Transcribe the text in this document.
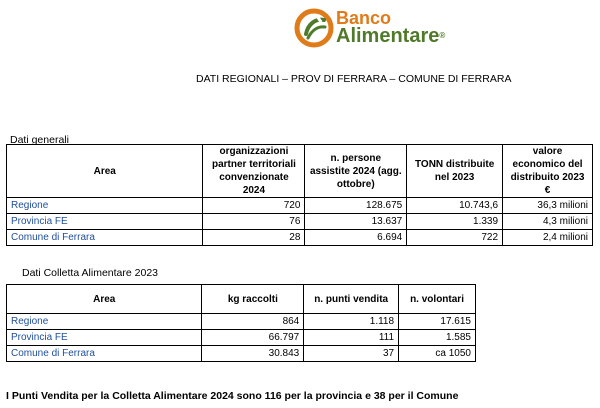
Banco
Alimentare®
DATI REGIONALI – PROV DI FERRARA – COMUNE DI FERRARA
Dati generali
Area	organizzazioni partner territoriali convenzionate 2024	n. persone assistite 2024 (agg. ottobre)	TONN distribuite nel 2023	valore economico del distribuito 2023 €
Regione	720	128.675	10.743,6	36,3 milioni
Provincia FE	76	13.637	1.339	4,3 milioni
Comune di Ferrara	28	6.694	722	2,4 milioni
Dati Colletta Alimentare 2023
Area	kg raccolti	n. punti vendita	n. volontari
Regione	864	1.118	17.615
Provincia FE	66.797	111	1.585
Comune di Ferrara	30.843	37	ca 1050
I Punti Vendita per la Colletta Alimentare 2024 sono 116 per la provincia e 38 per il Comune
